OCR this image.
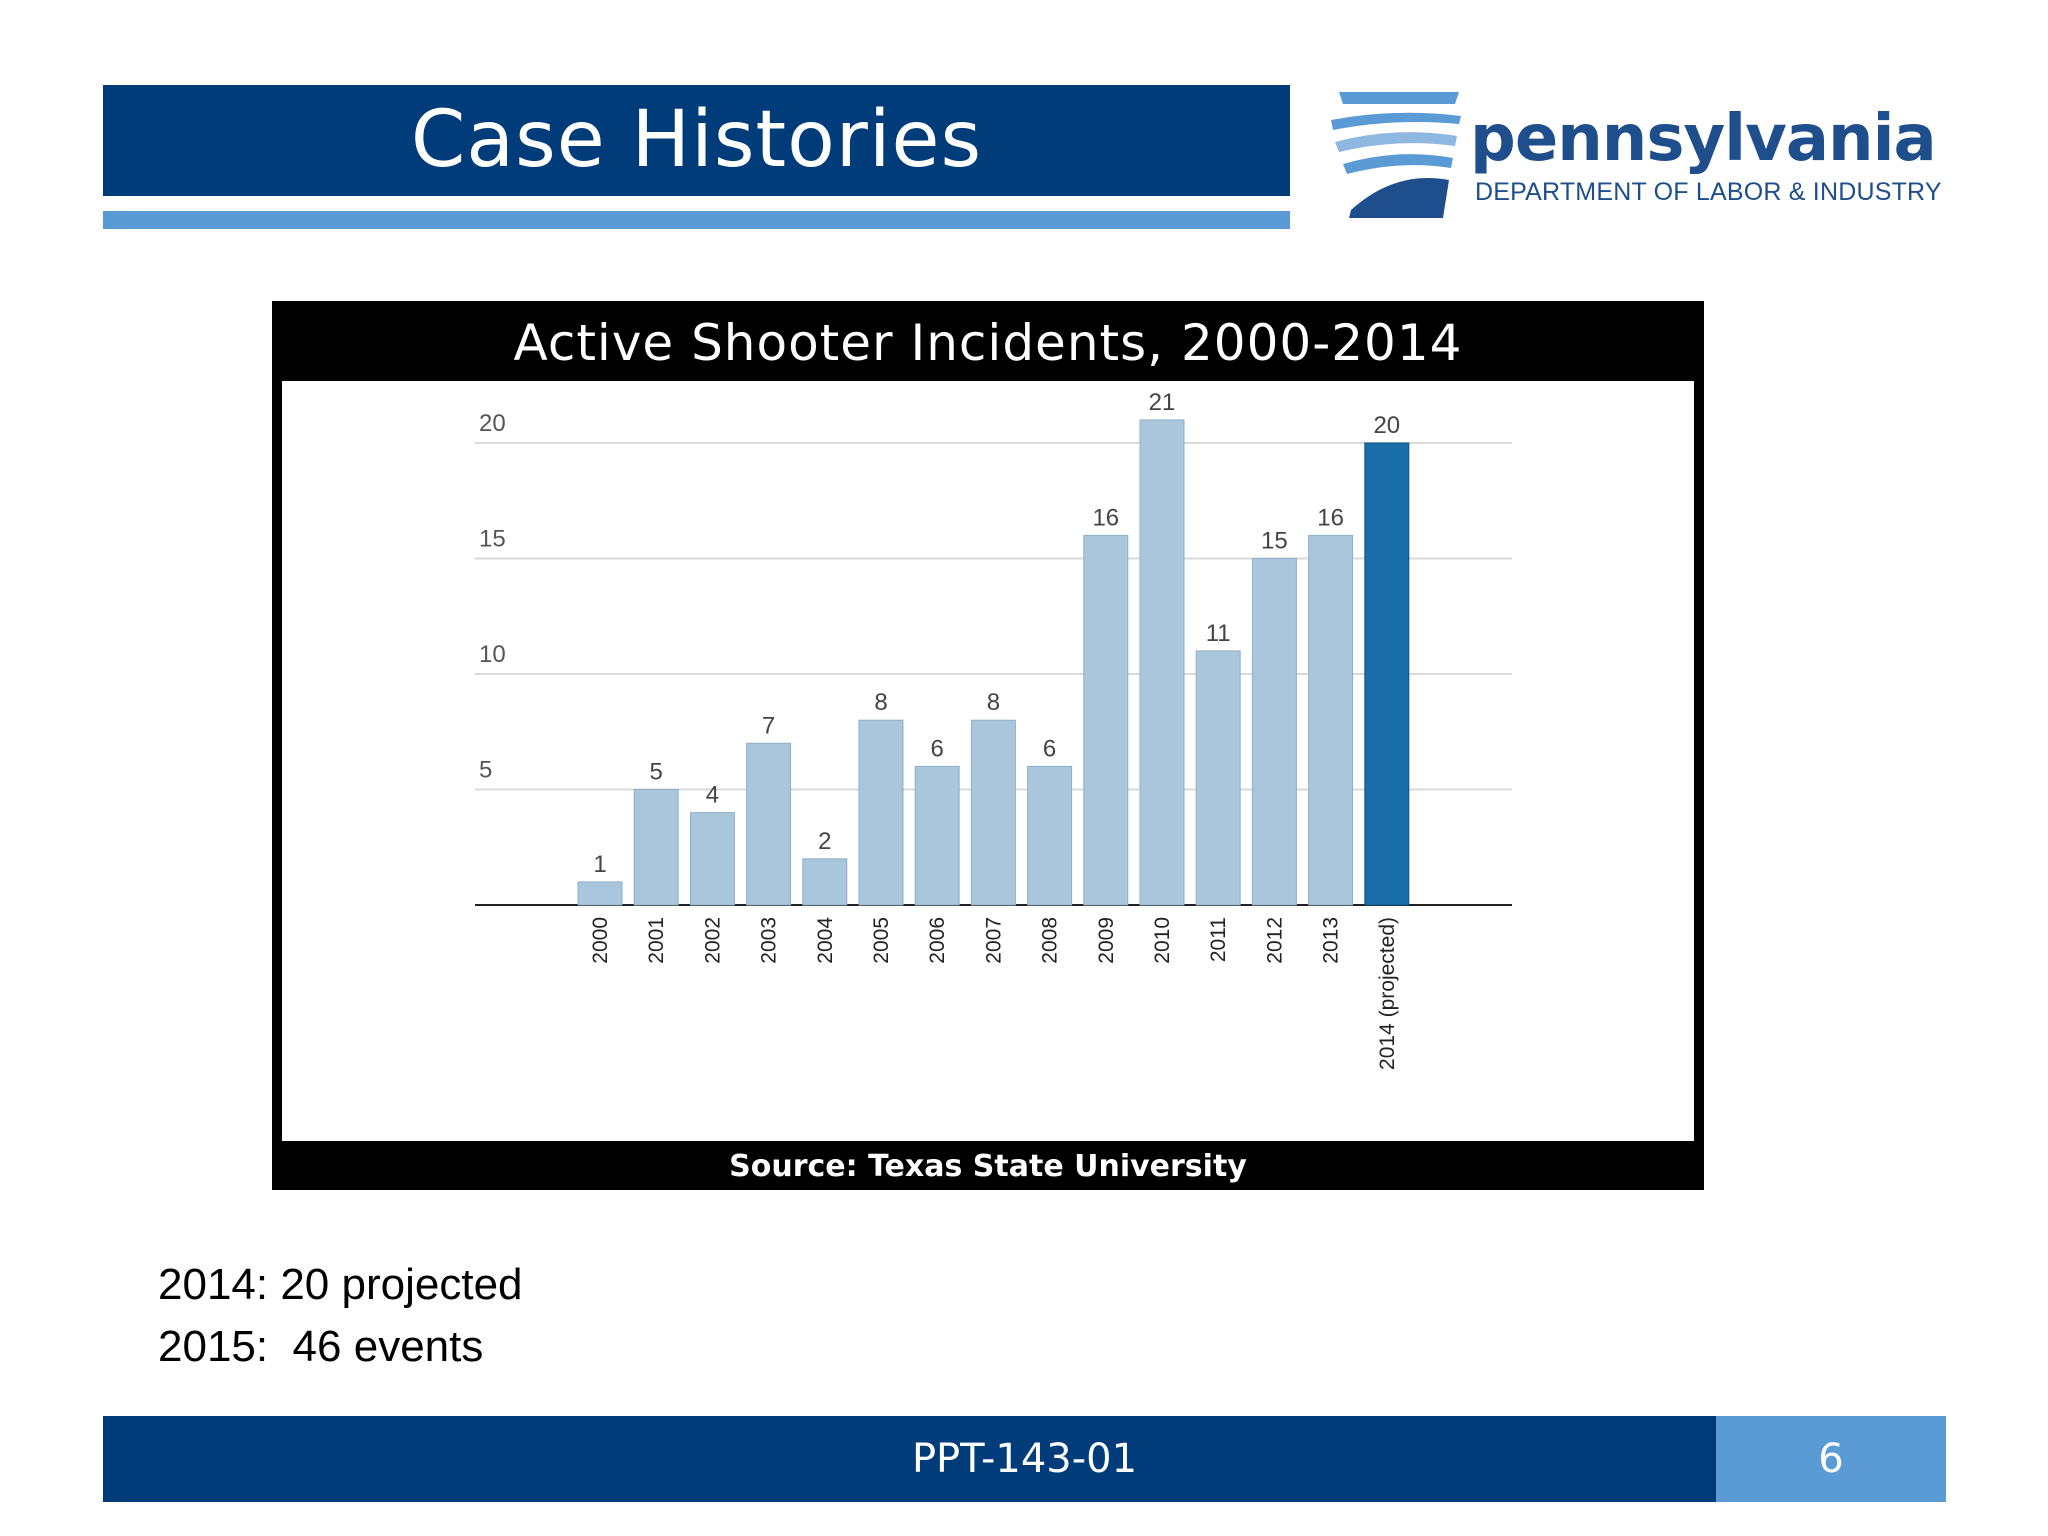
Case Histories	pennsylvania
DEPARTMENT OF LABOR & INDUSTRY
Active Shooter Incidents, 2000-2014
5
10
15
20
1
2000
5
2001
4
2002
7
2003
2
2004
8
2005
6
2006
8
2007
6
2008
16
2009
21
2010
11
2011
15
2012
16
2013
20
2014 (projected)
Source: Texas State University
2014: 20 projected
2015:  46 events
PPT-143-01	6
